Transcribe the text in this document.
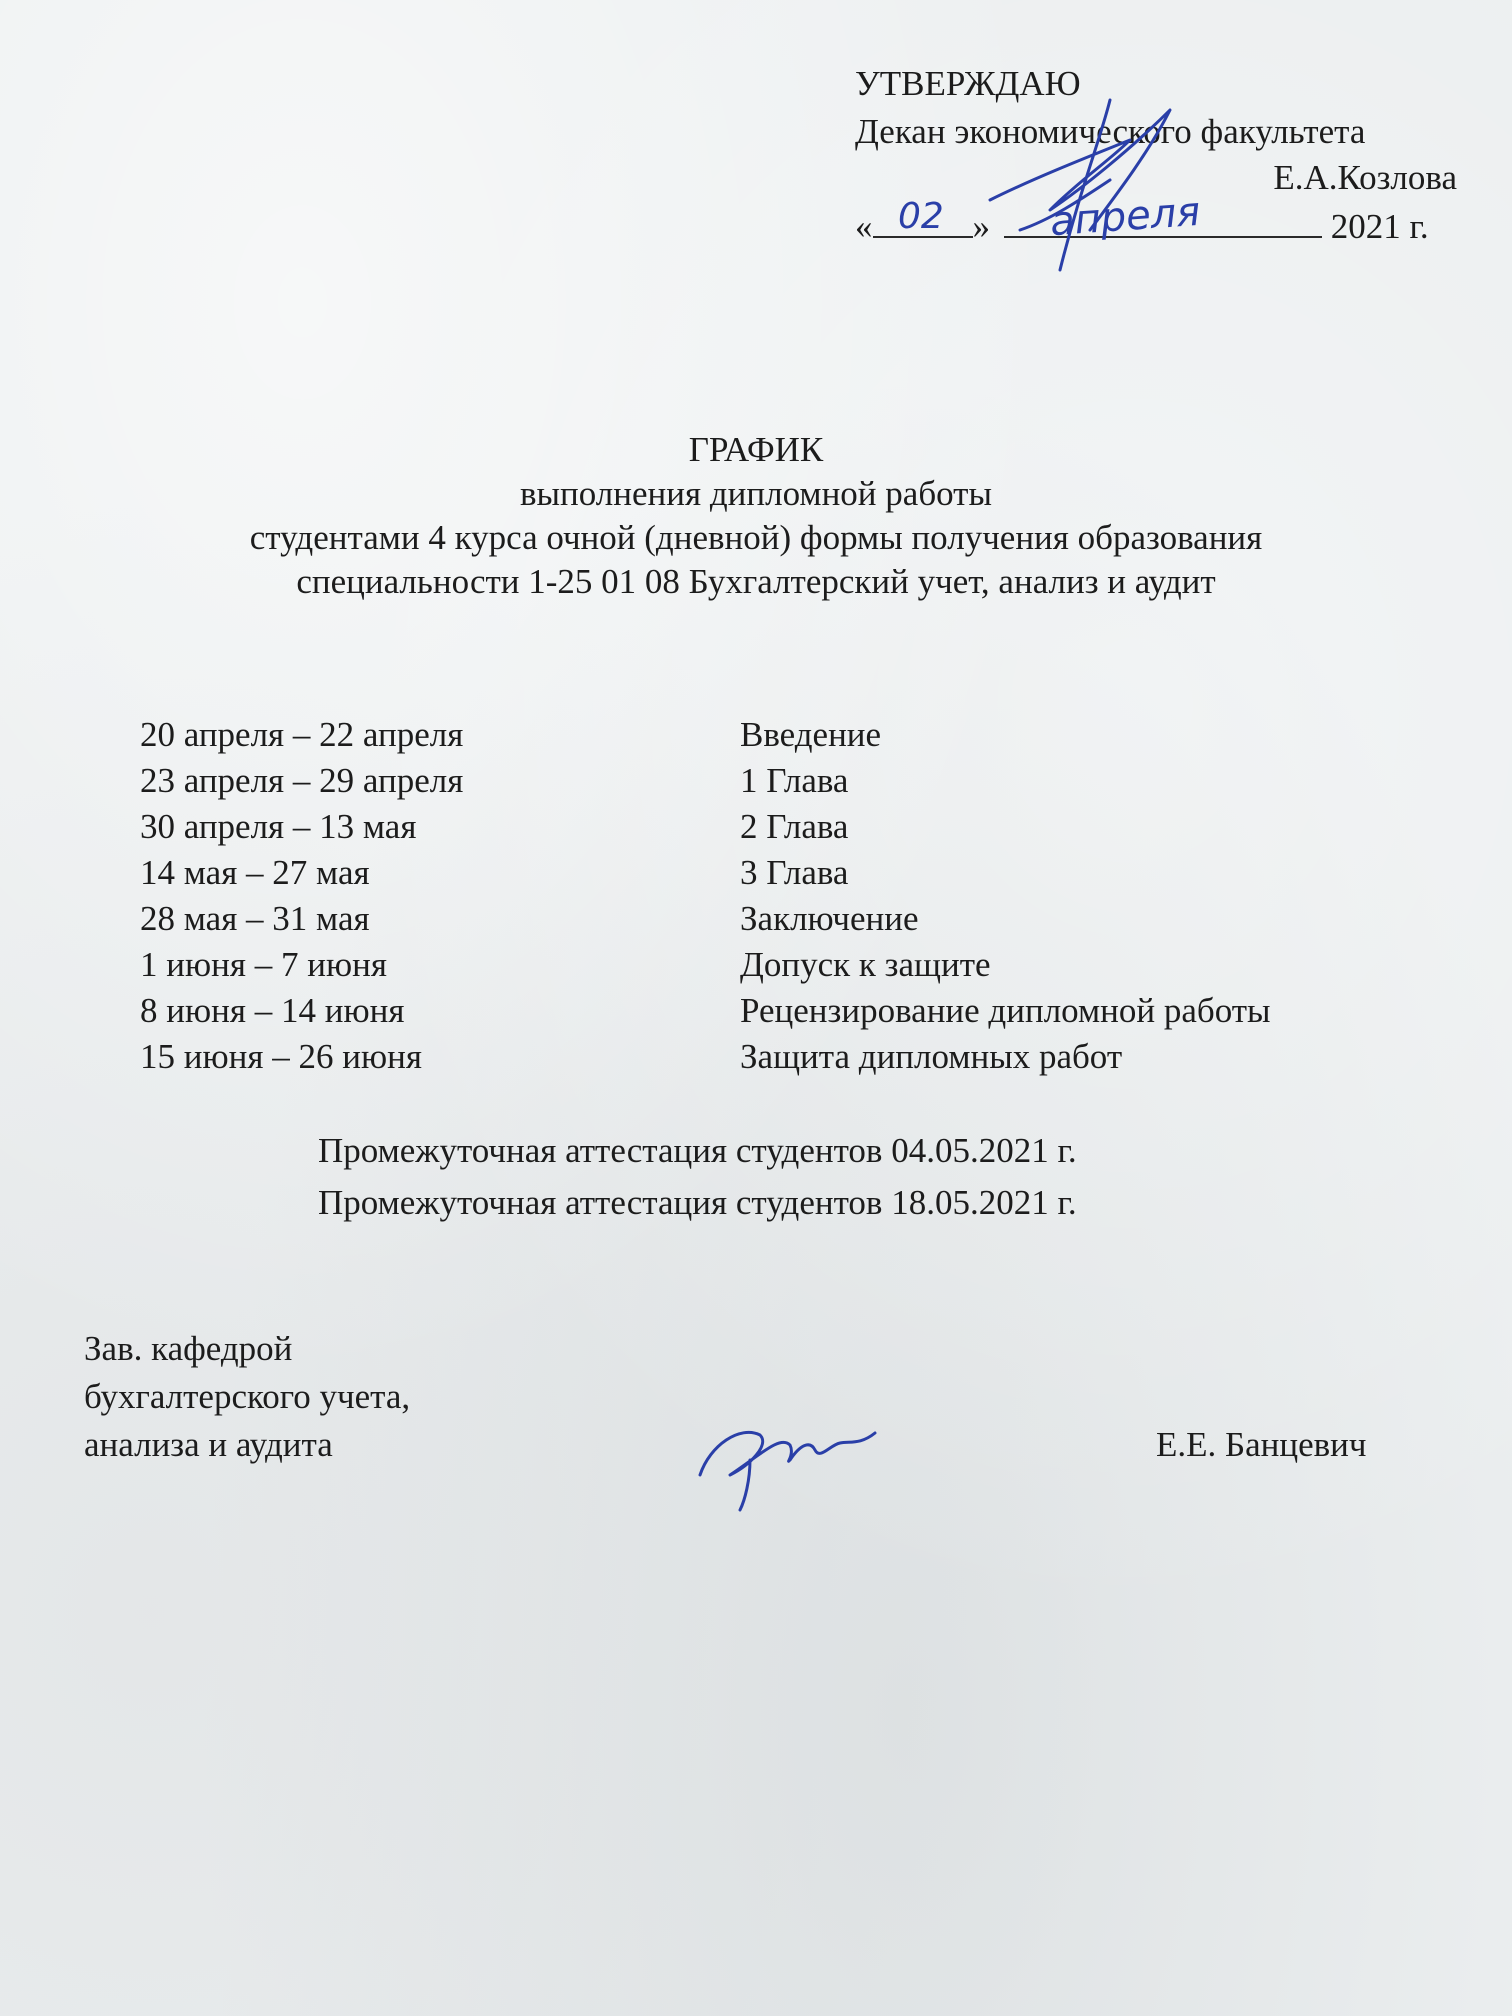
УТВЕРЖДАЮ
Декан экономического факультета
Е.А.Козлова
«	»	2021 г.
02	апреля
ГРАФИК
выполнения дипломной работы
студентами 4 курса очной (дневной) формы получения образования
специальности 1-25 01 08 Бухгалтерский учет, анализ и аудит
20 апреля – 22 апреля	Введение
23 апреля – 29 апреля	1 Глава
30 апреля – 13 мая	2 Глава
14 мая – 27 мая	3 Глава
28 мая – 31 мая	Заключение
1 июня – 7 июня	Допуск к защите
8 июня – 14 июня	Рецензирование дипломной работы
15 июня – 26 июня	Защита дипломных работ
Промежуточная аттестация студентов 04.05.2021 г.
Промежуточная аттестация студентов 18.05.2021 г.
Зав. кафедрой
бухгалтерского учета,
анализа и аудита	Е.Е. Банцевич
